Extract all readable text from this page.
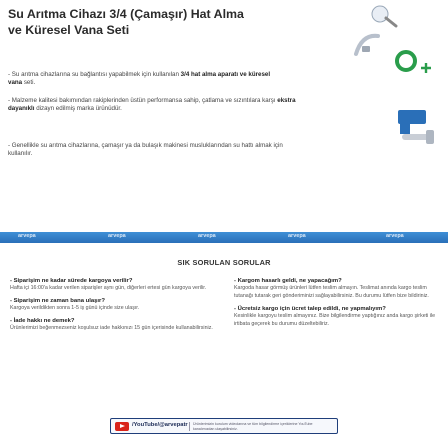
Su Arıtma Cihazı 3/4 (Çamaşır) Hat Alma
ve Küresel Vana Seti

- Su arıtma cihazlarına su bağlantısı yapabilmek için kullanılan 3/4 hat alma aparatı ve küresel vana seti.

- Malzeme kalitesi bakımından rakiplerinden üstün performansa sahip, çatlama ve sızıntılara karşı ekstra dayanıklı dizayn edilmiş marka ürünüdür.

- Genellikle su arıtma cihazlarına, çamaşır ya da bulaşık makinesi musluklarından su hattı almak için kullanılır.

arvepa	arvepa	arvepa	arvepa	arvepa
SIK SORULAN SORULAR
- Siparişim ne kadar sürede kargoya verilir?
Hafta içi 16:00'a kadar verilen siparişler aynı gün, diğerleri ertesi gün kargoya verilir.
- Siparişim ne zaman bana ulaşır?
Kargoya verildikten sonra 1-5 iş günü içinde size ulaşır.
- İade hakkı ne demek?
Ürünlerimizi beğenmezseniz koşulsuz iade hakkınızı 15 gün içerisinde kullanabilirsiniz.
- Kargom hasarlı geldi, ne yapacağım?
Kargoda hasar görmüş ürünleri lütfen teslim almayın. Teslimat anında kargo teslim tutanağı tutarak geri gönderiminizi sağlayabilirsiniz. Bu durumu lütfen bize bildiriniz.
- Ücretsiz kargo için ücret talep edildi, ne yapmalıyım?
Kesinlikle kargoyu teslim almayınız. Bize bilgilendirme yaptığınız anda kargo şirketi ile irtibata geçerek bu durumu düzeltebiliriz.
/YouTube/@arvepatr	Ürünlerimizin kurulum videolarına ve tüm bilgilendirme içeriklerine YouTube kanalımızdan ulaşabilirsiniz.
